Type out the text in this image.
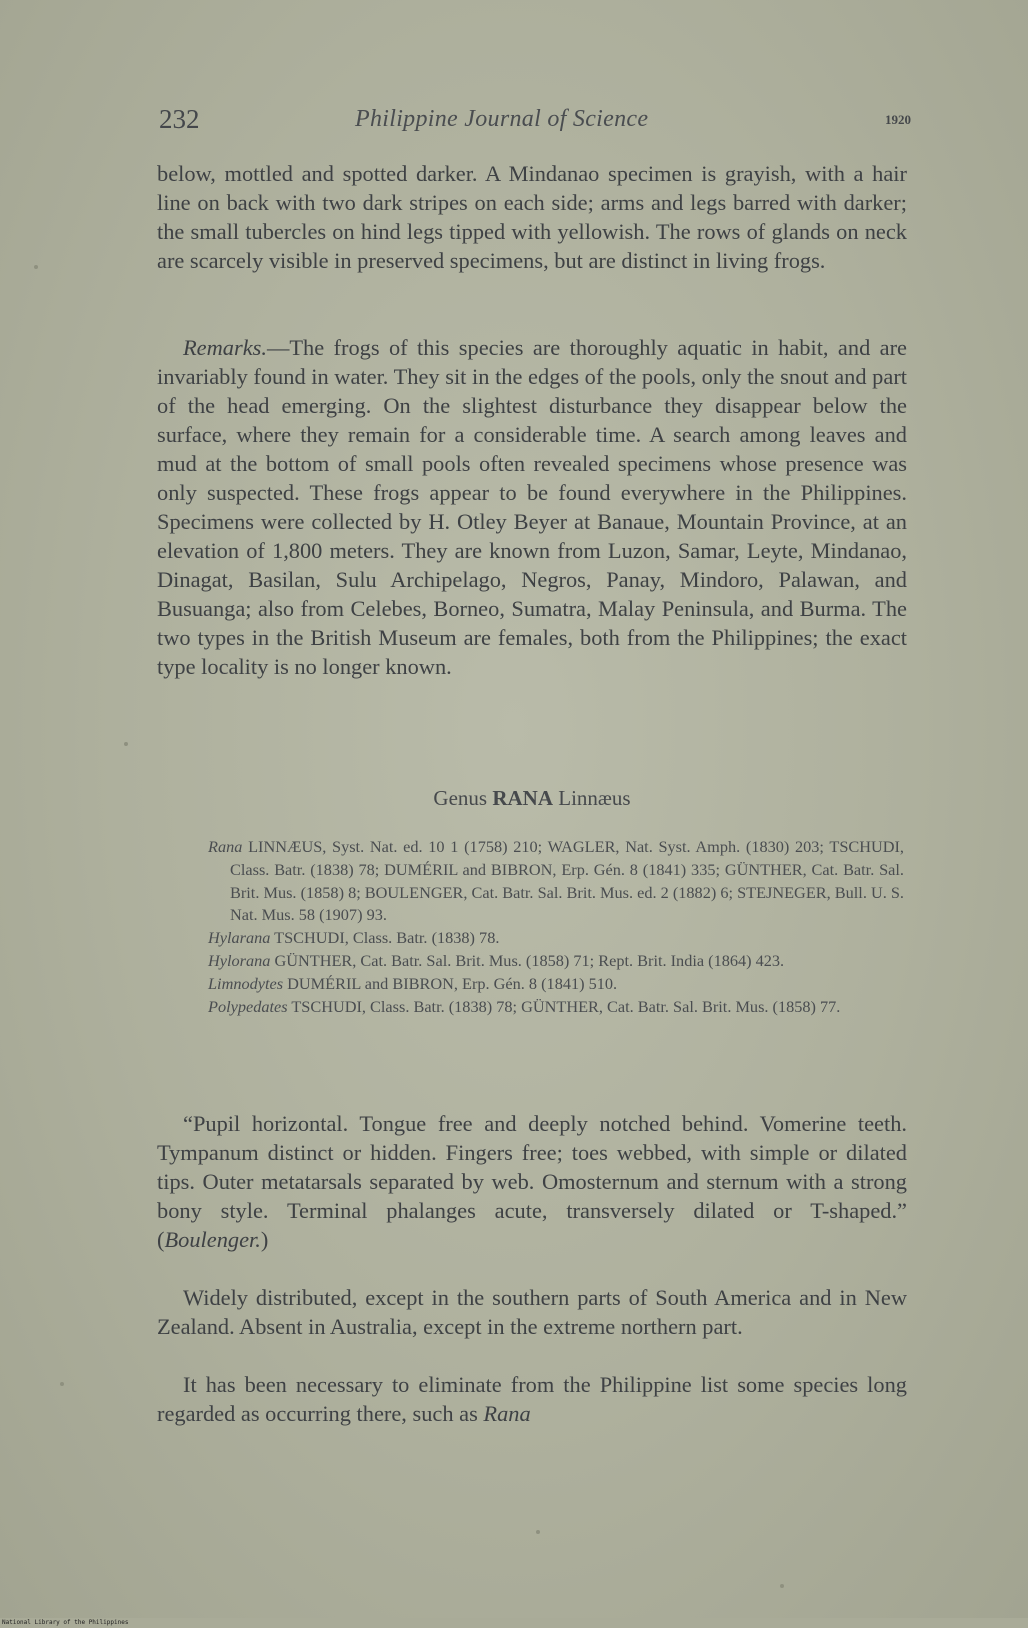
232	Philippine Journal of Science	1920

below, mottled and spotted darker. A Mindanao specimen is grayish, with a hair line on back with two dark stripes on each side; arms and legs barred with darker; the small tubercles on hind legs tipped with yellowish. The rows of glands on neck are scarcely visible in preserved specimens, but are distinct in living frogs.

Remarks.—The frogs of this species are thoroughly aquatic in habit, and are invariably found in water. They sit in the edges of the pools, only the snout and part of the head emerging. On the slightest disturbance they disappear below the surface, where they remain for a considerable time. A search among leaves and mud at the bottom of small pools often revealed specimens whose presence was only suspected. These frogs appear to be found everywhere in the Philippines. Specimens were collected by H. Otley Beyer at Banaue, Mountain Province, at an elevation of 1,800 meters. They are known from Luzon, Samar, Leyte, Mindanao, Dinagat, Basilan, Sulu Archipelago, Negros, Panay, Mindoro, Palawan, and Busuanga; also from Celebes, Borneo, Sumatra, Malay Peninsula, and Burma. The two types in the British Museum are females, both from the Philippines; the exact type locality is no longer known.

Genus RANA Linnæus

Rana LINNÆUS, Syst. Nat. ed. 10 1 (1758) 210; WAGLER, Nat. Syst. Amph. (1830) 203; TSCHUDI, Class. Batr. (1838) 78; DUMÉRIL and BIBRON, Erp. Gén. 8 (1841) 335; GÜNTHER, Cat. Batr. Sal. Brit. Mus. (1858) 8; BOULENGER, Cat. Batr. Sal. Brit. Mus. ed. 2 (1882) 6; STEJNEGER, Bull. U. S. Nat. Mus. 58 (1907) 93.

Hylarana TSCHUDI, Class. Batr. (1838) 78.

Hylorana GÜNTHER, Cat. Batr. Sal. Brit. Mus. (1858) 71; Rept. Brit. India (1864) 423.

Limnodytes DUMÉRIL and BIBRON, Erp. Gén. 8 (1841) 510.

Polypedates TSCHUDI, Class. Batr. (1838) 78; GÜNTHER, Cat. Batr. Sal. Brit. Mus. (1858) 77.

“Pupil horizontal. Tongue free and deeply notched behind. Vomerine teeth. Tympanum distinct or hidden. Fingers free; toes webbed, with simple or dilated tips. Outer metatarsals separated by web. Omosternum and sternum with a strong bony style. Terminal phalanges acute, transversely dilated or T-shaped.” (Boulenger.)

Widely distributed, except in the southern parts of South America and in New Zealand. Absent in Australia, except in the extreme northern part.

It has been necessary to eliminate from the Philippine list some species long regarded as occurring there, such as Rana

National Library of the Philippines
